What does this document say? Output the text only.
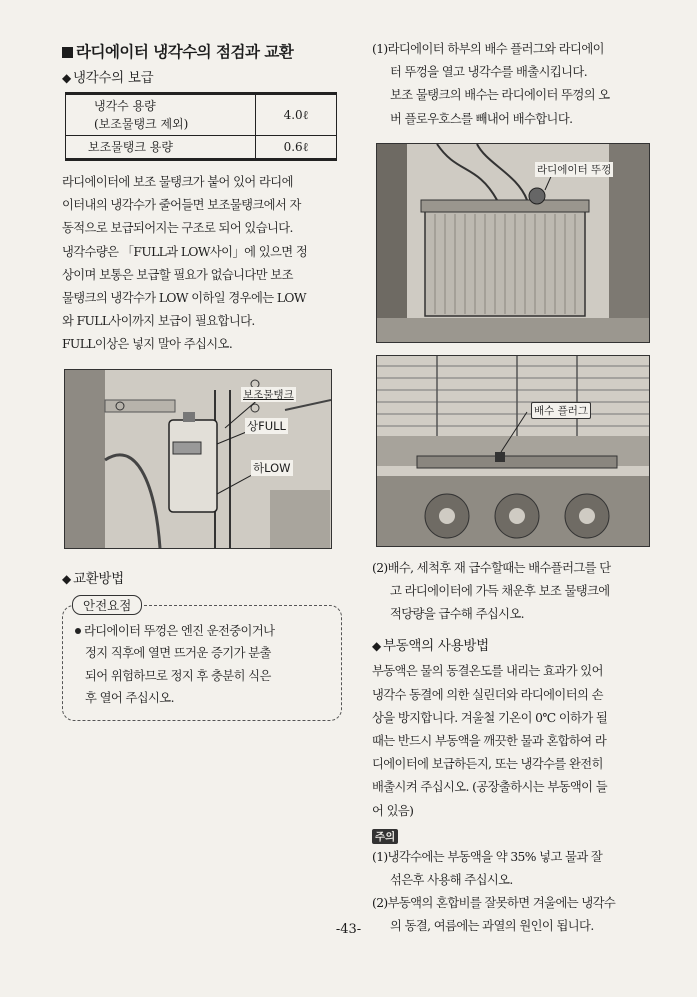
라디에이터 냉각수의 점검과 교환
◆ 냉각수의 보급
냉각수 용량
(보조물탱크 제외)	4.0ℓ
보조물탱크 용량	0.6ℓ

라디에이터에 보조 물탱크가 붙어 있어 라디에

이터내의 냉각수가 줄어들면 보조물탱크에서 자

동적으로 보급되어지는 구조로 되어 있습니다.

냉각수량은 「FULL과 LOW사이」에 있으면 정

상이며 보통은 보급할 필요가 없습니다만 보조

물탱크의 냉각수가 LOW 이하일 경우에는 LOW

와 FULL사이까지 보급이 필요합니다.

FULL이상은 넣지 말아 주십시오.

보조물탱크
상FULL
하LOW
◆ 교환방법
안전요점

라디에이터 뚜껑은 엔진 운전중이거나

정지 직후에 열면 뜨거운 증기가 분출

되어 위험하므로 정지 후 충분히 식은

후 열어 주십시오.

(1)라디에이터 하부의 배수 플러그와 라디에이

터 뚜껑을 열고 냉각수를 배출시킵니다.

보조 물탱크의 배수는 라디에이터 뚜껑의 오

버 플로우호스를 빼내어 배수합니다.

라디에이터 뚜껑
배수 플러그

(2)배수, 세척후 재 급수할때는 배수플러그를 단

고 라디에이터에 가득 채운후 보조 물탱크에

적당량을 급수해 주십시오.

◆ 부동액의 사용방법

부동액은 물의 동결온도를 내리는 효과가 있어

냉각수 동결에 의한 실린더와 라디에이터의 손

상을 방지합니다. 겨울철 기온이 0℃ 이하가 될

때는 반드시 부동액을 깨끗한 물과 혼합하여 라

디에이터에 보급하든지, 또는 냉각수를 완전히

배출시켜 주십시오. (공장출하시는 부동액이 들

어 있음)

주의

(1)냉각수에는 부동액을 약 35% 넣고 물과 잘

섞은후 사용해 주십시오.

(2)부동액의 혼합비를 잘못하면 겨울에는 냉각수

의 동결, 여름에는 과열의 원인이 됩니다.

-43-
